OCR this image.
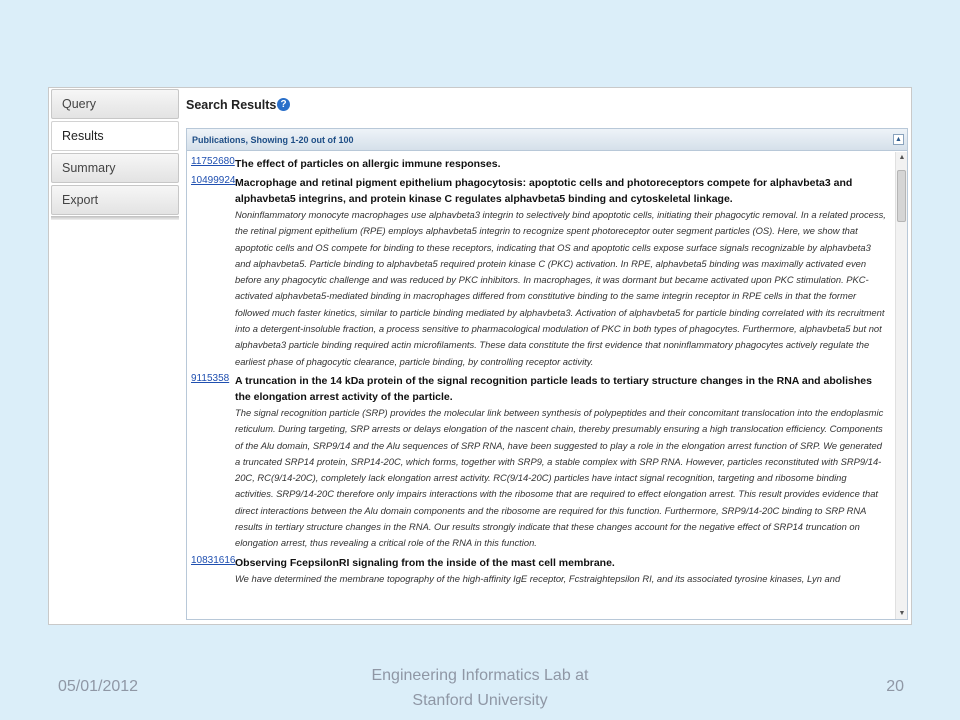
Query
Results
Summary
Export
Search Results ?
Publications, Showing 1-20 out of 100	▲
11752680 The effect of particles on allergic immune responses.
10499924 Macrophage and retinal pigment epithelium phagocytosis: apoptotic cells and photoreceptors compete for alphavbeta3 and alphavbeta5 integrins, and protein kinase C regulates alphavbeta5 binding and cytoskeletal linkage.
Noninflammatory monocyte macrophages use alphavbeta3 integrin to selectively bind apoptotic cells, initiating their phagocytic removal. In a related process, the retinal pigment epithelium (RPE) employs alphavbeta5 integrin to recognize spent photoreceptor outer segment particles (OS). Here, we show that apoptotic cells and OS compete for binding to these receptors, indicating that OS and apoptotic cells expose surface signals recognizable by alphavbeta3 and alphavbeta5. Particle binding to alphavbeta5 required protein kinase C (PKC) activation. In RPE, alphavbeta5 binding was maximally activated even before any phagocytic challenge and was reduced by PKC inhibitors. In macrophages, it was dormant but became activated upon PKC stimulation. PKC-activated alphavbeta5-mediated binding in macrophages differed from constitutive binding to the same integrin receptor in RPE cells in that the former followed much faster kinetics, similar to particle binding mediated by alphavbeta3. Activation of alphavbeta5 for particle binding correlated with its recruitment into a detergent-insoluble fraction, a process sensitive to pharmacological modulation of PKC in both types of phagocytes. Furthermore, alphavbeta5 but not alphavbeta3 particle binding required actin microfilaments. These data constitute the first evidence that noninflammatory phagocytes actively regulate the earliest phase of phagocytic clearance, particle binding, by controlling receptor activity.
9115358 A truncation in the 14 kDa protein of the signal recognition particle leads to tertiary structure changes in the RNA and abolishes the elongation arrest activity of the particle.
The signal recognition particle (SRP) provides the molecular link between synthesis of polypeptides and their concomitant translocation into the endoplasmic reticulum. During targeting, SRP arrests or delays elongation of the nascent chain, thereby presumably ensuring a high translocation efficiency. Components of the Alu domain, SRP9/14 and the Alu sequences of SRP RNA, have been suggested to play a role in the elongation arrest function of SRP. We generated a truncated SRP14 protein, SRP14-20C, which forms, together with SRP9, a stable complex with SRP RNA. However, particles reconstituted with SRP9/14-20C, RC(9/14-20C), completely lack elongation arrest activity. RC(9/14-20C) particles have intact signal recognition, targeting and ribosome binding activities. SRP9/14-20C therefore only impairs interactions with the ribosome that are required to effect elongation arrest. This result provides evidence that direct interactions between the Alu domain components and the ribosome are required for this function. Furthermore, SRP9/14-20C binding to SRP RNA results in tertiary structure changes in the RNA. Our results strongly indicate that these changes account for the negative effect of SRP14 truncation on elongation arrest, thus revealing a critical role of the RNA in this function.
10831616 Observing FcepsilonRI signaling from the inside of the mast cell membrane.
We have determined the membrane topography of the high-affinity IgE receptor, Fcstraightepsilon RI, and its associated tyrosine kinases, Lyn and
▲
▼
05/01/2012
Engineering Informatics Lab at
Stanford University
20
